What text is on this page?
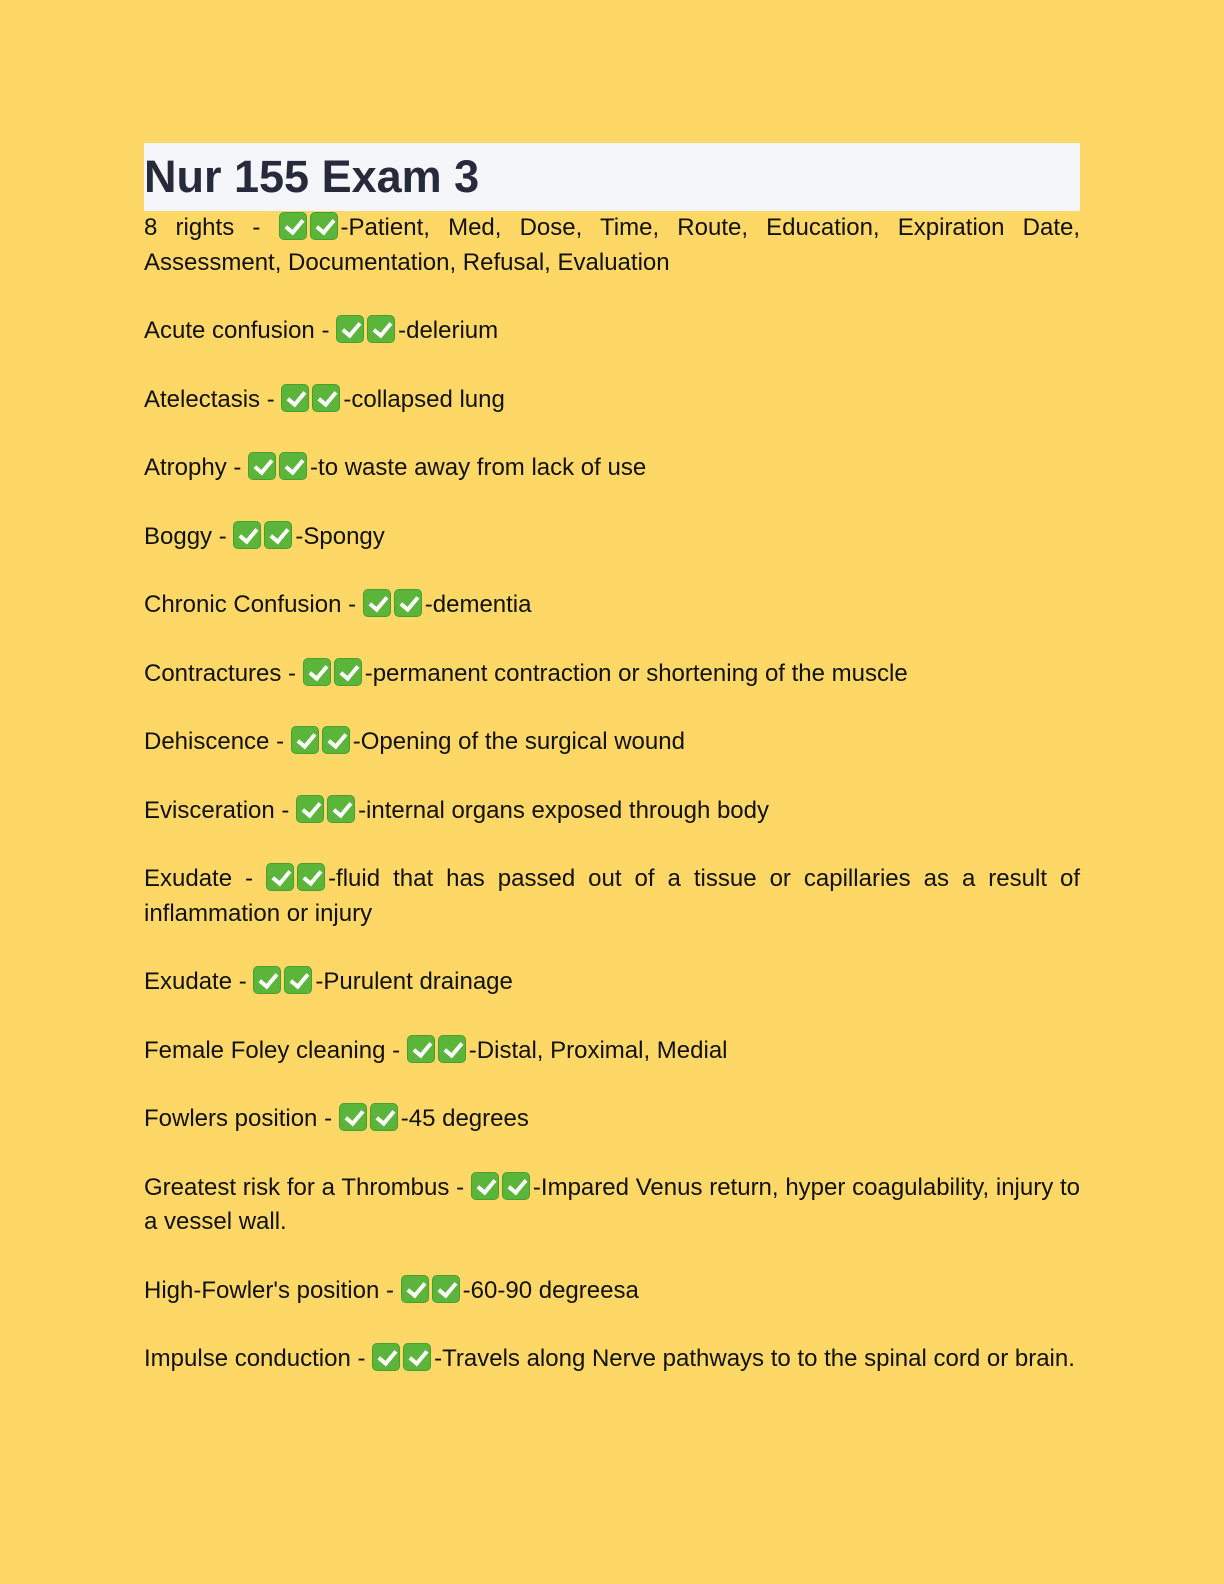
Nur 155 Exam 3

8 rights -	-Patient, Med, Dose, Time, Route, Education, Expiration Date, Assessment, Documentation, Refusal, Evaluation

Acute confusion -	-delerium

Atelectasis -	-collapsed lung

Atrophy -	-to waste away from lack of use

Boggy -	-Spongy

Chronic Confusion -	-dementia

Contractures -	-permanent contraction or shortening of the muscle

Dehiscence -	-Opening of the surgical wound

Evisceration -	-internal organs exposed through body

Exudate -	-fluid that has passed out of a tissue or capillaries as a result of inflammation or injury

Exudate -	-Purulent drainage

Female Foley cleaning -	-Distal, Proximal, Medial

Fowlers position -	-45 degrees

Greatest risk for a Thrombus -	-Impared Venus return, hyper coagulability, injury to a vessel wall.

High-Fowler's position -	-60-90 degreesa

Impulse conduction -	-Travels along Nerve pathways to to the spinal cord or brain.
